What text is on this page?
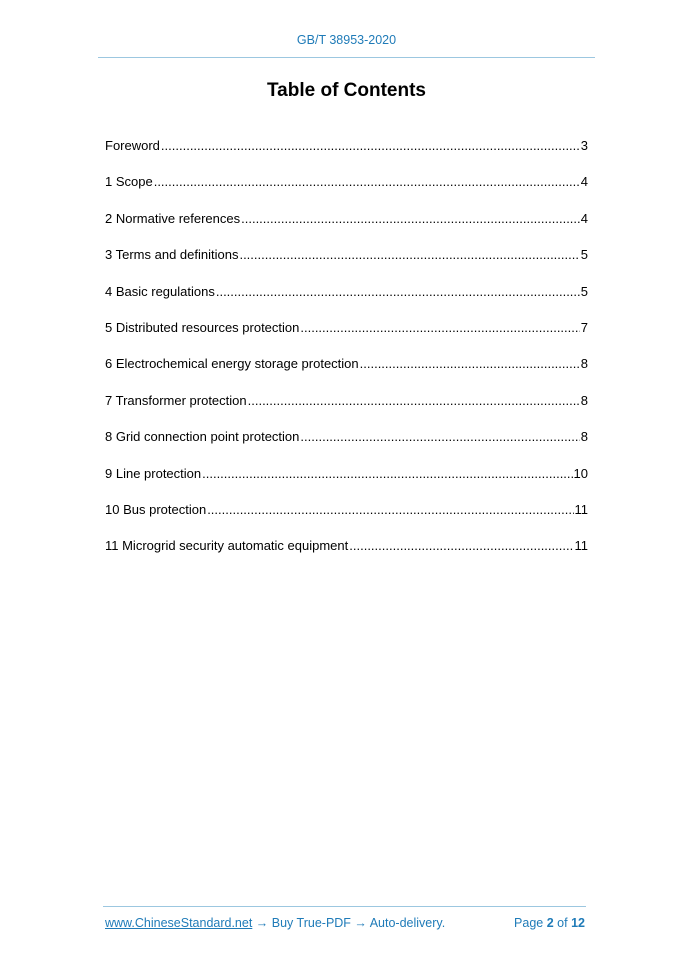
GB/T 38953-2020
Table of Contents
Foreword .....	3
1 Scope .....	4
2 Normative references .....	4
3 Terms and definitions .....	5
4 Basic regulations .....	5
5 Distributed resources protection .....	7
6 Electrochemical energy storage protection .....	8
7 Transformer protection .....	8
8 Grid connection point protection .....	8
9 Line protection .....	10
10 Bus protection .....	11
11 Microgrid security automatic equipment .....	11
www.ChineseStandard.net → Buy True-PDF → Auto-delivery.	Page 2 of 12
